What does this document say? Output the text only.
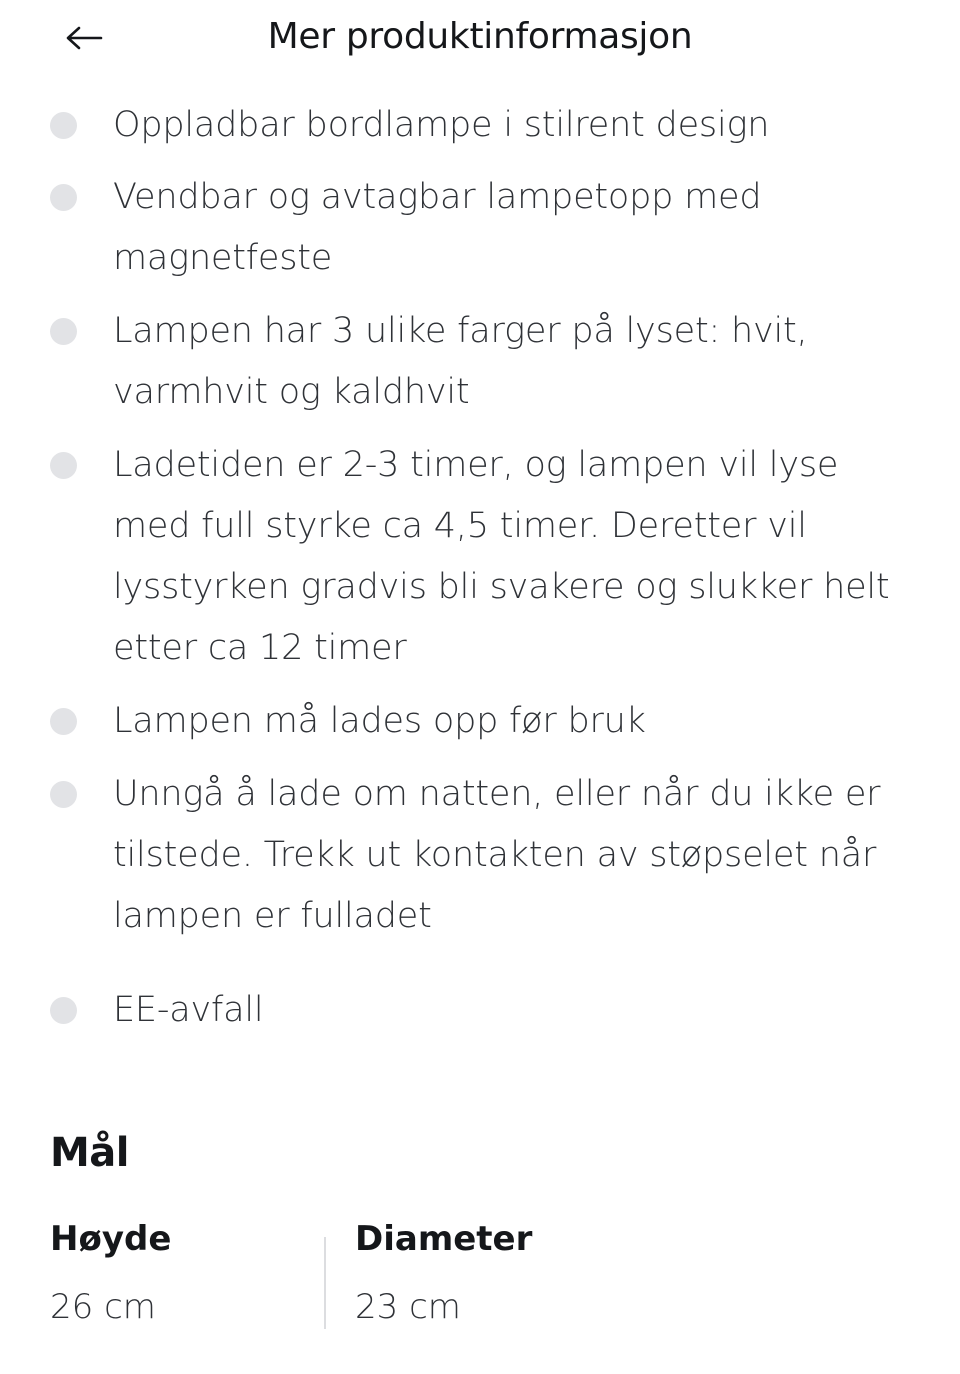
Mer produktinformasjon
Oppladbar bordlampe i stilrent design
Vendbar og avtagbar lampetopp med magnetfeste
Lampen har 3 ulike farger på lyset: hvit, varmhvit og kaldhvit
Ladetiden er 2-3 timer, og lampen vil lyse med full styrke ca 4,5 timer. Deretter vil lysstyrken gradvis bli svakere og slukker helt etter ca 12 timer
Lampen må lades opp før bruk
Unngå å lade om natten, eller når du ikke er tilstede. Trekk ut kontakten av støpselet når lampen er fulladet
EE-avfall
Mål
Høyde
26 cm
Diameter
23 cm
